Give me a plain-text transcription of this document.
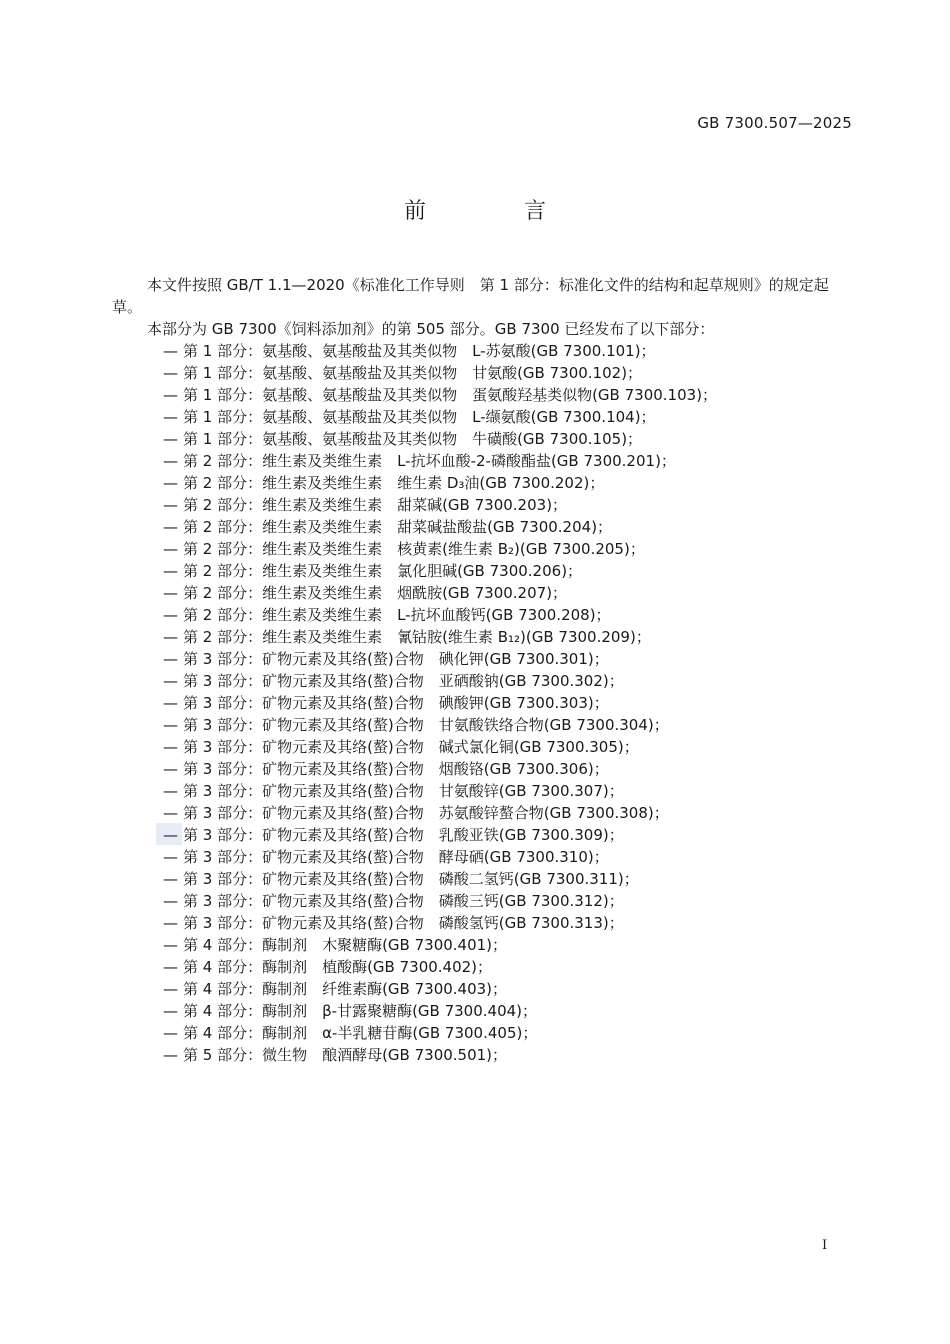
GB 7300.507—2025
前　言

本文件按照 GB/T 1.1—2020《标准化工作导则　第 1 部分：标准化文件的结构和起草规则》的规定起草。

本部分为 GB 7300《饲料添加剂》的第 505 部分。GB 7300 已经发布了以下部分：

— 第 1 部分：氨基酸、氨基酸盐及其类似物　L-苏氨酸(GB 7300.101)；
— 第 1 部分：氨基酸、氨基酸盐及其类似物　甘氨酸(GB 7300.102)；
— 第 1 部分：氨基酸、氨基酸盐及其类似物　蛋氨酸羟基类似物(GB 7300.103)；
— 第 1 部分：氨基酸、氨基酸盐及其类似物　L-缬氨酸(GB 7300.104)；
— 第 1 部分：氨基酸、氨基酸盐及其类似物　牛磺酸(GB 7300.105)；
— 第 2 部分：维生素及类维生素　L-抗坏血酸-2-磷酸酯盐(GB 7300.201)；
— 第 2 部分：维生素及类维生素　维生素 D₃油(GB 7300.202)；
— 第 2 部分：维生素及类维生素　甜菜碱(GB 7300.203)；
— 第 2 部分：维生素及类维生素　甜菜碱盐酸盐(GB 7300.204)；
— 第 2 部分：维生素及类维生素　核黄素(维生素 B₂)(GB 7300.205)；
— 第 2 部分：维生素及类维生素　氯化胆碱(GB 7300.206)；
— 第 2 部分：维生素及类维生素　烟酰胺(GB 7300.207)；
— 第 2 部分：维生素及类维生素　L-抗坏血酸钙(GB 7300.208)；
— 第 2 部分：维生素及类维生素　氰钴胺(维生素 B₁₂)(GB 7300.209)；
— 第 3 部分：矿物元素及其络(螯)合物　碘化钾(GB 7300.301)；
— 第 3 部分：矿物元素及其络(螯)合物　亚硒酸钠(GB 7300.302)；
— 第 3 部分：矿物元素及其络(螯)合物　碘酸钾(GB 7300.303)；
— 第 3 部分：矿物元素及其络(螯)合物　甘氨酸铁络合物(GB 7300.304)；
— 第 3 部分：矿物元素及其络(螯)合物　碱式氯化铜(GB 7300.305)；
— 第 3 部分：矿物元素及其络(螯)合物　烟酸铬(GB 7300.306)；
— 第 3 部分：矿物元素及其络(螯)合物　甘氨酸锌(GB 7300.307)；
— 第 3 部分：矿物元素及其络(螯)合物　苏氨酸锌螯合物(GB 7300.308)；
— 第 3 部分：矿物元素及其络(螯)合物　乳酸亚铁(GB 7300.309)；
— 第 3 部分：矿物元素及其络(螯)合物　酵母硒(GB 7300.310)；
— 第 3 部分：矿物元素及其络(螯)合物　磷酸二氢钙(GB 7300.311)；
— 第 3 部分：矿物元素及其络(螯)合物　磷酸三钙(GB 7300.312)；
— 第 3 部分：矿物元素及其络(螯)合物　磷酸氢钙(GB 7300.313)；
— 第 4 部分：酶制剂　木聚糖酶(GB 7300.401)；
— 第 4 部分：酶制剂　植酸酶(GB 7300.402)；
— 第 4 部分：酶制剂　纤维素酶(GB 7300.403)；
— 第 4 部分：酶制剂　β-甘露聚糖酶(GB 7300.404)；
— 第 4 部分：酶制剂　α-半乳糖苷酶(GB 7300.405)；
— 第 5 部分：微生物　酿酒酵母(GB 7300.501)；
I
